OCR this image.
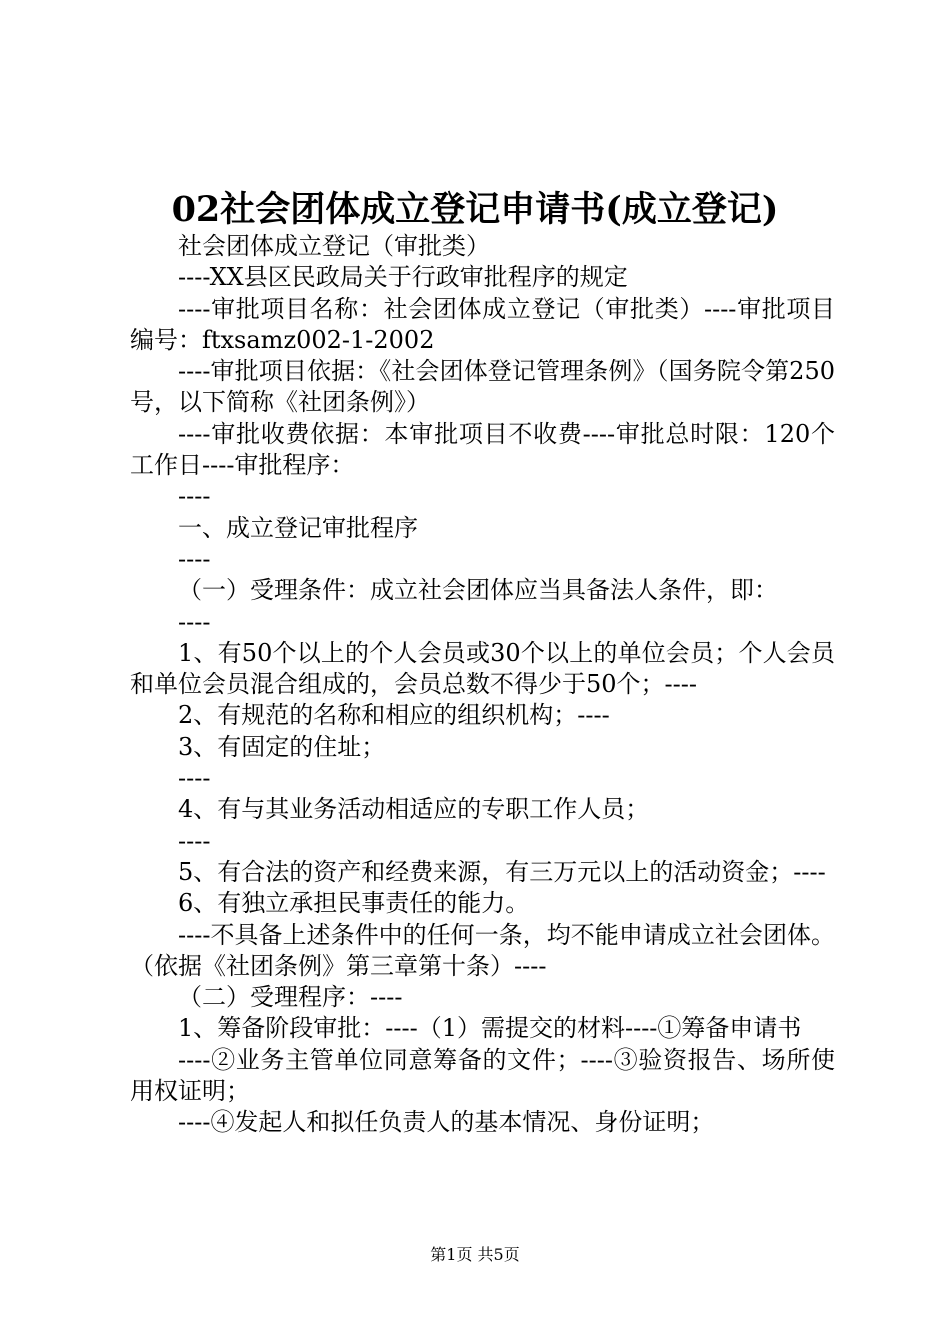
02社会团体成立登记申请书(成立登记)

社会团体成立登记（审批类）

----XX县区民政局关于行政审批程序的规定

----审批项目名称：社会团体成立登记（审批类）----审批项目编号：ftxsamz002-1-2002

----审批项目依据：《社会团体登记管理条例》（国务院令第250号，以下简称《社团条例》）

----审批收费依据：本审批项目不收费----审批总时限：120个工作日----审批程序：

----

一、成立登记审批程序

----

（一）受理条件：成立社会团体应当具备法人条件，即：

----

1、有50个以上的个人会员或30个以上的单位会员；个人会员和单位会员混合组成的，会员总数不得少于50个；----

2、有规范的名称和相应的组织机构；----

3、有固定的住址；

----

4、有与其业务活动相适应的专职工作人员；

----

5、有合法的资产和经费来源，有三万元以上的活动资金；----

6、有独立承担民事责任的能力。

----不具备上述条件中的任何一条，均不能申请成立社会团体。（依据《社团条例》第三章第十条）----

（二）受理程序：----

1、筹备阶段审批：----（1）需提交的材料----①筹备申请书

----②业务主管单位同意筹备的文件；----③验资报告、场所使用权证明；

----④发起人和拟任负责人的基本情况、身份证明；

第1页 共5页
